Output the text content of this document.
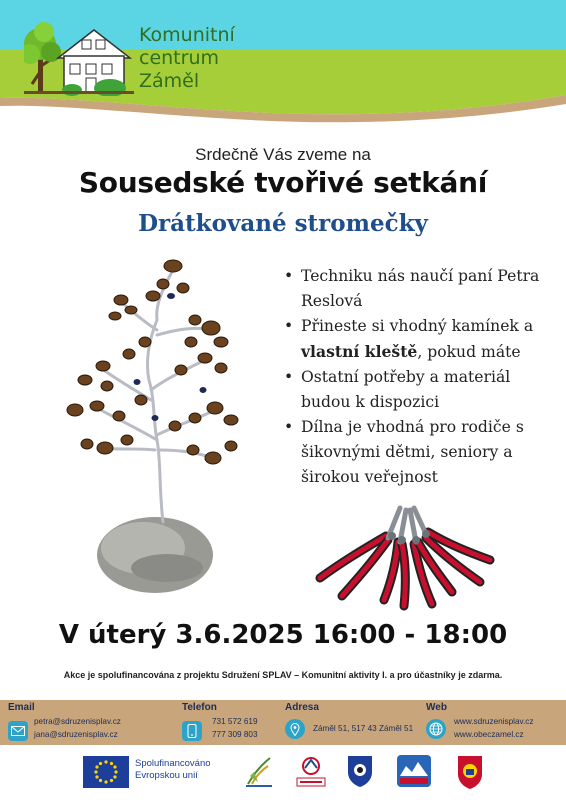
Komunitní
centrum
Záměl
Srdečně Vás zveme na
Sousedské tvořivé setkání
Drátkované stromečky
• Techniku nás naučí paní Petra Reslová
• Přineste si vhodný kamínek a vlastní kleště, pokud máte
• Ostatní potřeby a materiál budou k dispozici
• Dílna je vhodná pro rodiče s šikovnými dětmi, seniory a širokou veřejnost
V úterý 3.6.2025 16:00 - 18:00
Akce je spolufinancována z projektu Sdružení SPLAV – Komunitní aktivity I. a pro účastníky je zdarma.
Email
petra@sdruzenisplav.cz
jana@sdruzenisplav.cz
Telefon
731 572 619
777 309 803
Adresa
Záměl 51, 517 43 Záměl 51
Web
www.sdruzenisplav.cz
www.obeczamel.cz
Spolufinancováno
Evropskou unií
